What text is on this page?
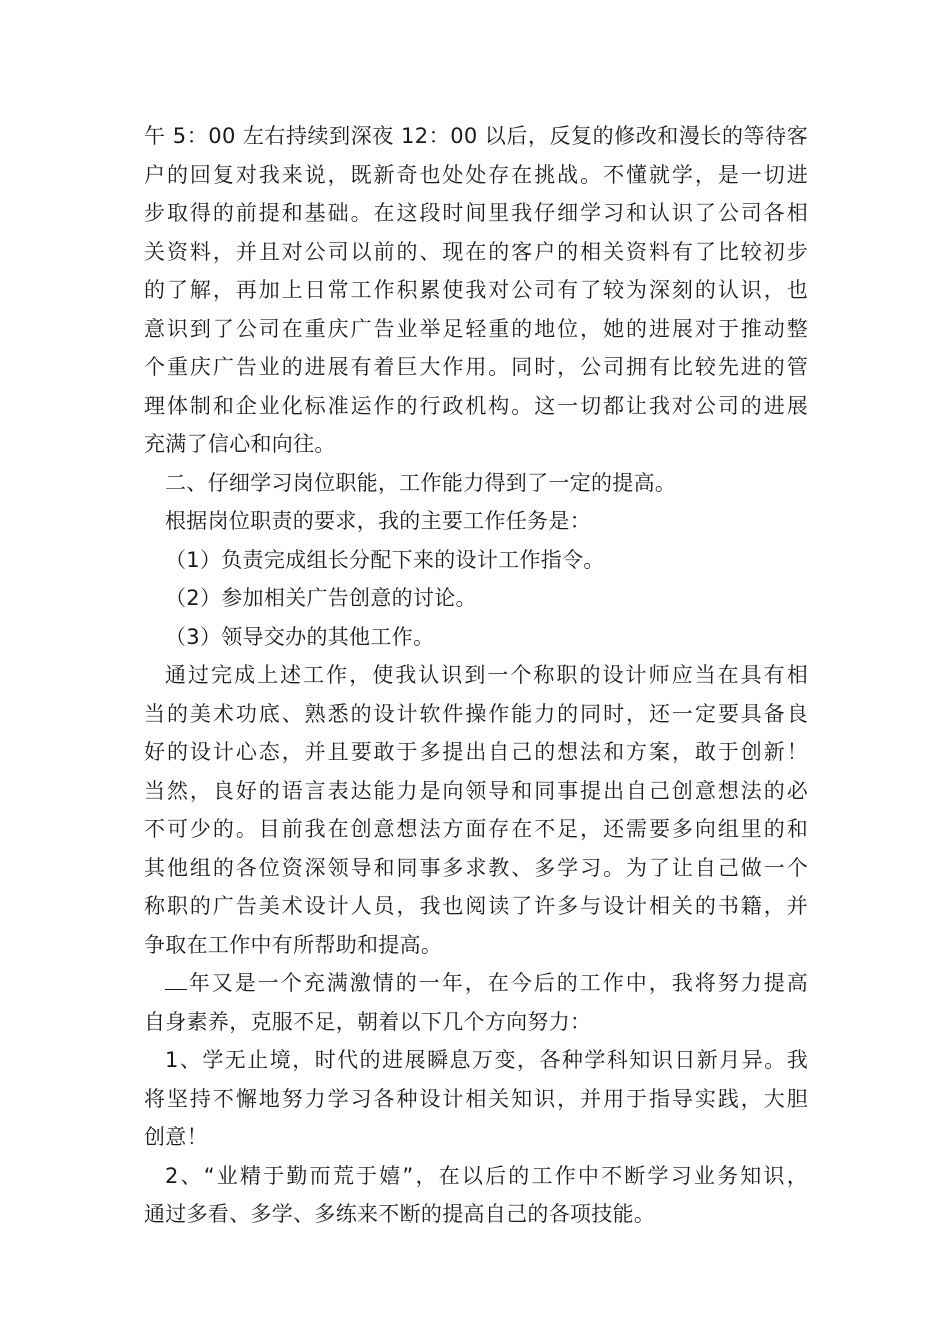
午 5：00 左右持续到深夜 12：00 以后，反复的修改和漫长的等待客
户的回复对我来说，既新奇也处处存在挑战。不懂就学，是一切进
步取得的前提和基础。在这段时间里我仔细学习和认识了公司各相
关资料，并且对公司以前的、现在的客户的相关资料有了比较初步
的了解，再加上日常工作积累使我对公司有了较为深刻的认识，也
意识到了公司在重庆广告业举足轻重的地位，她的进展对于推动整
个重庆广告业的进展有着巨大作用。同时，公司拥有比较先进的管
理体制和企业化标准运作的行政机构。这一切都让我对公司的进展
充满了信心和向往。
二、仔细学习岗位职能，工作能力得到了一定的提高。
根据岗位职责的要求，我的主要工作任务是：
（1）负责完成组长分配下来的设计工作指令。
（2）参加相关广告创意的讨论。
（3）领导交办的其他工作。
通过完成上述工作，使我认识到一个称职的设计师应当在具有相
当的美术功底、熟悉的设计软件操作能力的同时，还一定要具备良
好的设计心态，并且要敢于多提出自己的想法和方案，敢于创新！
当然，良好的语言表达能力是向领导和同事提出自己创意想法的必
不可少的。目前我在创意想法方面存在不足，还需要多向组里的和
其他组的各位资深领导和同事多求教、多学习。为了让自己做一个
称职的广告美术设计人员，我也阅读了许多与设计相关的书籍，并
争取在工作中有所帮助和提高。
年又是一个充满激情的一年，在今后的工作中，我将努力提高
自身素养，克服不足，朝着以下几个方向努力：
1、学无止境，时代的进展瞬息万变，各种学科知识日新月异。我
将坚持不懈地努力学习各种设计相关知识，并用于指导实践，大胆
创意！
2、“业精于勤而荒于嬉”，在以后的工作中不断学习业务知识，
通过多看、多学、多练来不断的提高自己的各项技能。
